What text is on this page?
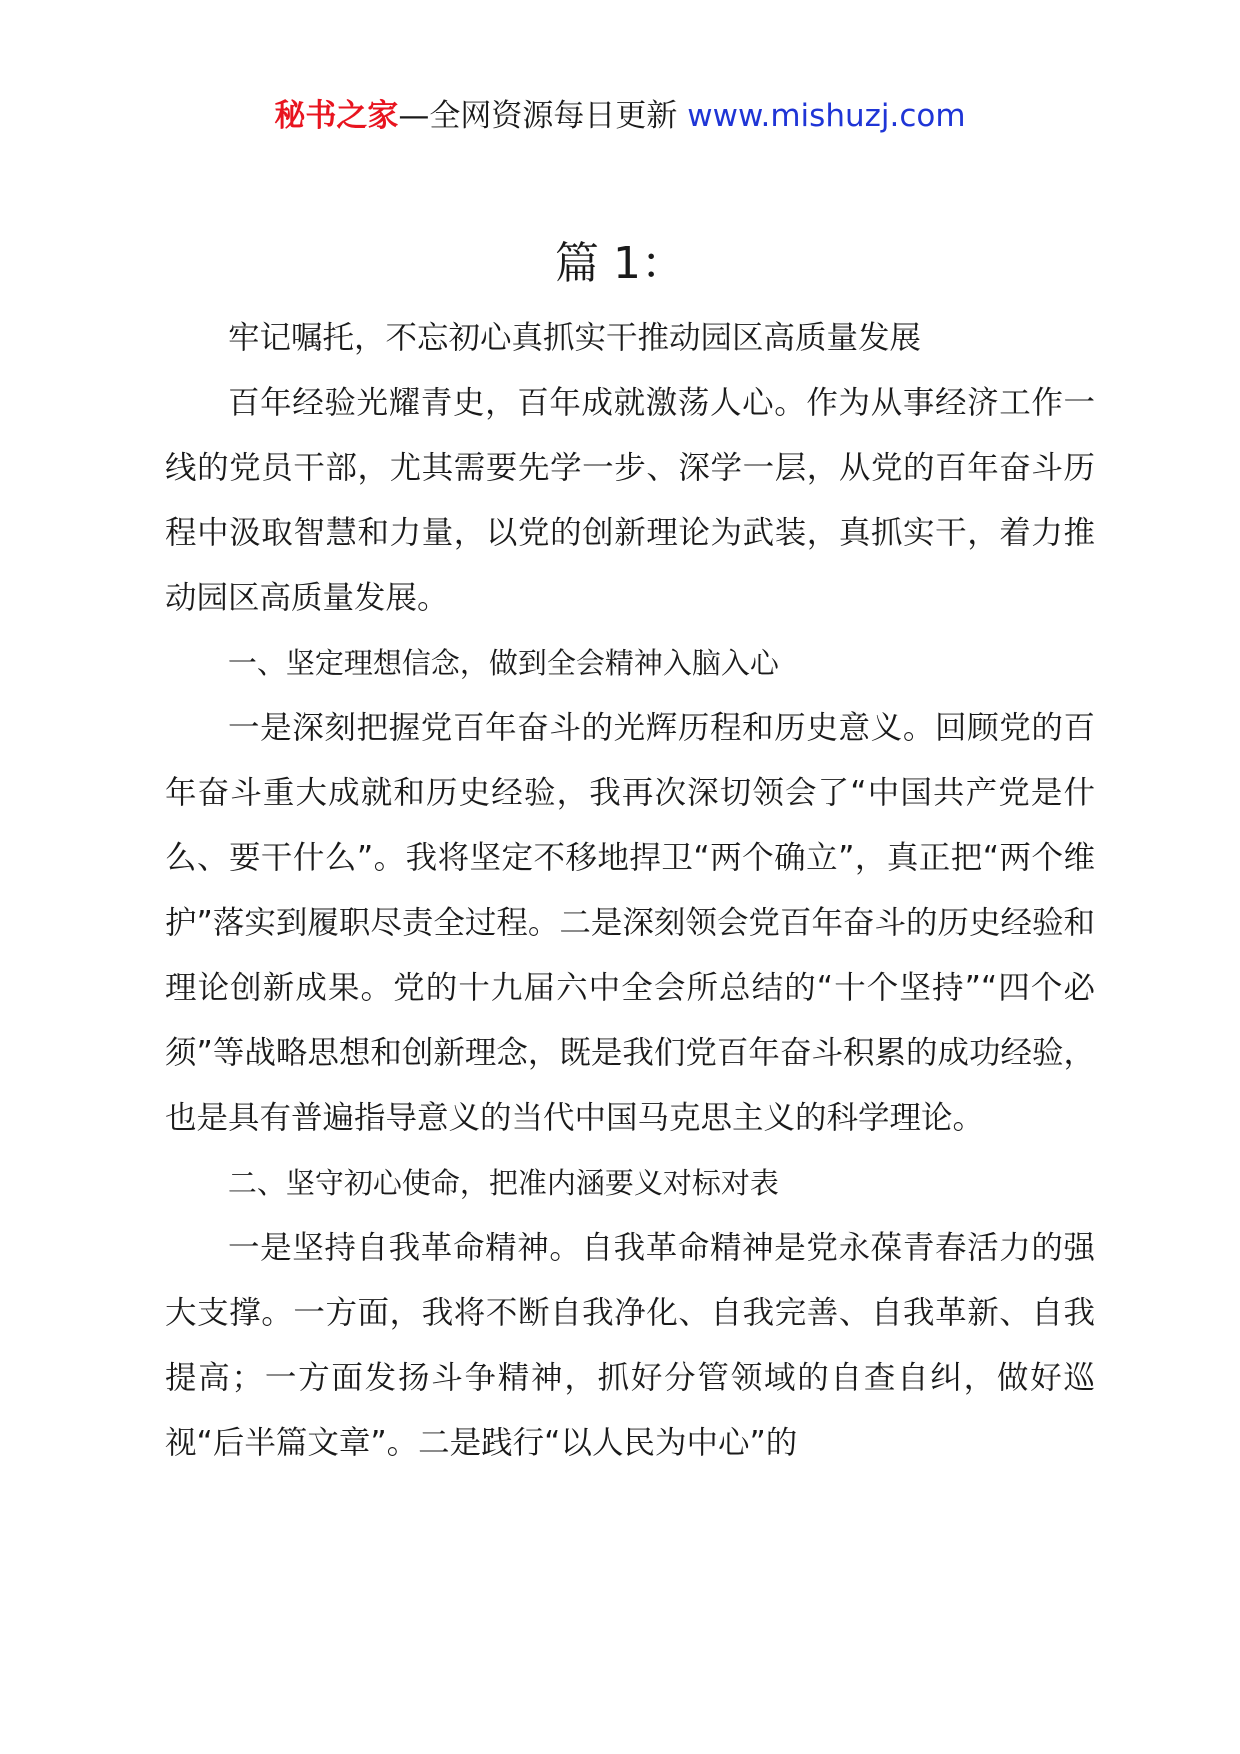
秘书之家—全网资源每日更新 www.mishuzj.com
篇 1：

牢记嘱托，不忘初心真抓实干推动园区高质量发展

百年经验光耀青史，百年成就激荡人心。作为从事经济工作一线的党员干部，尤其需要先学一步、深学一层，从党的百年奋斗历程中汲取智慧和力量，以党的创新理论为武装，真抓实干，着力推动园区高质量发展。

一、坚定理想信念，做到全会精神入脑入心

一是深刻把握党百年奋斗的光辉历程和历史意义。回顾党的百年奋斗重大成就和历史经验，我再次深切领会了“中国共产党是什么、要干什么”。我将坚定不移地捍卫“两个确立”，真正把“两个维护”落实到履职尽责全过程。二是深刻领会党百年奋斗的历史经验和理论创新成果。党的十九届六中全会所总结的“十个坚持”“四个必须”等战略思想和创新理念，既是我们党百年奋斗积累的成功经验，也是具有普遍指导意义的当代中国马克思主义的科学理论。

二、坚守初心使命，把准内涵要义对标对表

一是坚持自我革命精神。自我革命精神是党永葆青春活力的强大支撑。一方面，我将不断自我净化、自我完善、自我革新、自我提高；一方面发扬斗争精神，抓好分管领域的自查自纠，做好巡视“后半篇文章”。二是践行“以人民为中心”的
